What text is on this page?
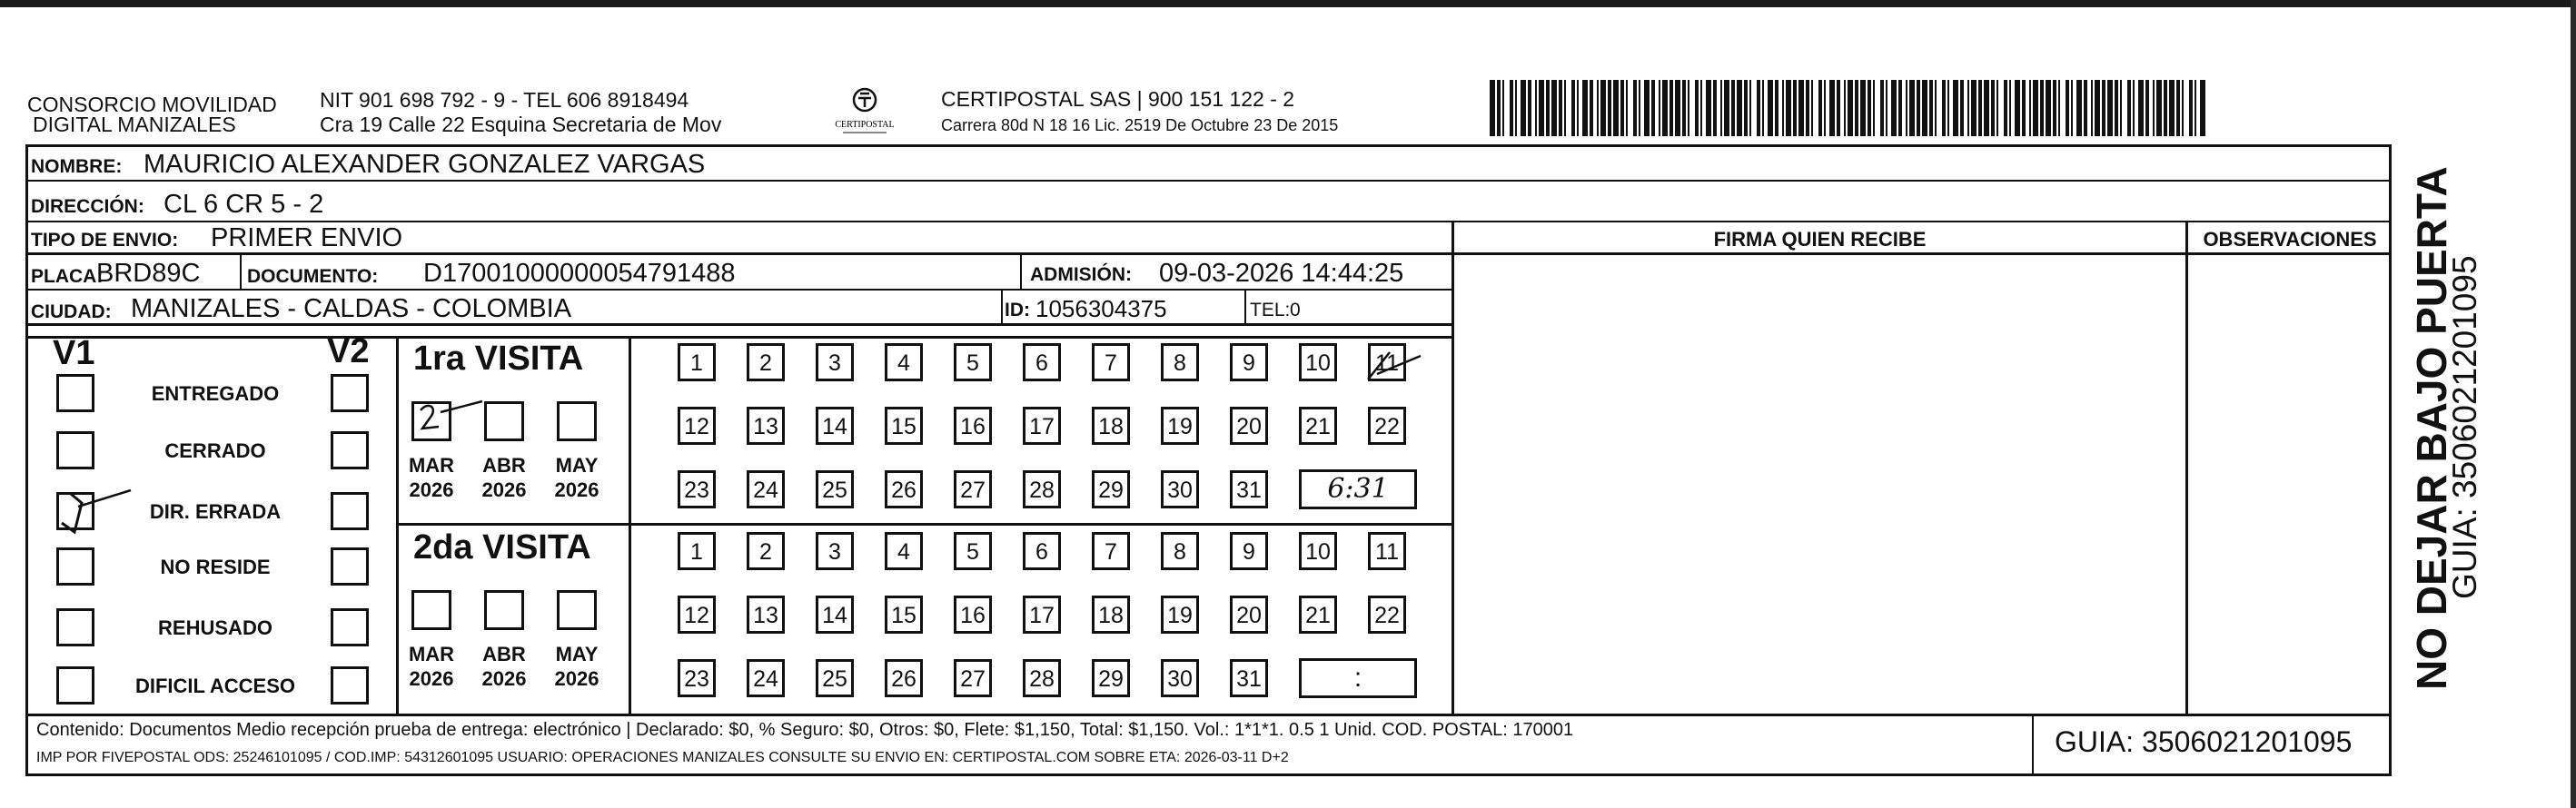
CONSORCIO MOVILIDAD
DIGITAL MANIZALES
NIT 901 698 792 - 9 - TEL 606 8918494
Cra 19 Calle 22 Esquina Secretaria de Mov	CERTIPOSTAL
CERTIPOSTAL SAS | 900 151 122 - 2
Carrera 80d N 18 16 Lic. 2519 De Octubre 23 De 2015
NOMBRE: MAURICIO ALEXANDER GONZALEZ VARGAS
DIRECCIÓN: CL 6 CR 5 - 2
TIPO DE ENVIO: PRIMER ENVIO	FIRMA QUIEN RECIBE	OBSERVACIONES
PLACA:
BRD89C DOCUMENTO: D17001000000054791488	ADMISIÓN: 09-03-2026 14:44:25
CIUDAD: MANIZALES - CALDAS - COLOMBIA	ID: 1056304375	TEL: 0
V1	V2
ENTREGADO
CERRADO
DIR. ERRADA
NO RESIDE
REHUSADO
DIFICIL ACCESO
1ra VISITA
MAR
2026
ABR
2026
MAY
2026
1	2	3	4	5	6	7	8	9	10	11
12 13 14 15 16 17 18 19 20 21 22
23 24 25 26 27 28 29 30 31	6:31
2da VISITA
MAR
2026
ABR
2026
MAY
2026
1	2	3	4	5	6	7	8	9	10	11
12 13 14 15 16 17 18 19 20 21 22
23 24 25 26 27 28 29 30 31	:
Contenido: Documentos Medio recepción prueba de entrega: electrónico | Declarado: $0, % Seguro: $0, Otros: $0, Flete: $1,150, Total: $1,150. Vol.: 1*1*1. 0.5 1 Unid. COD. POSTAL: 170001
IMP POR FIVEPOSTAL ODS: 25246101095 / COD.IMP: 54312601095 USUARIO: OPERACIONES MANIZALES CONSULTE SU ENVIO EN: CERTIPOSTAL.COM SOBRE ETA: 2026-03-11 D+2	GUIA: 3506021201095
NO DEJAR BAJO PUERTA
GUIA: 3506021201095
